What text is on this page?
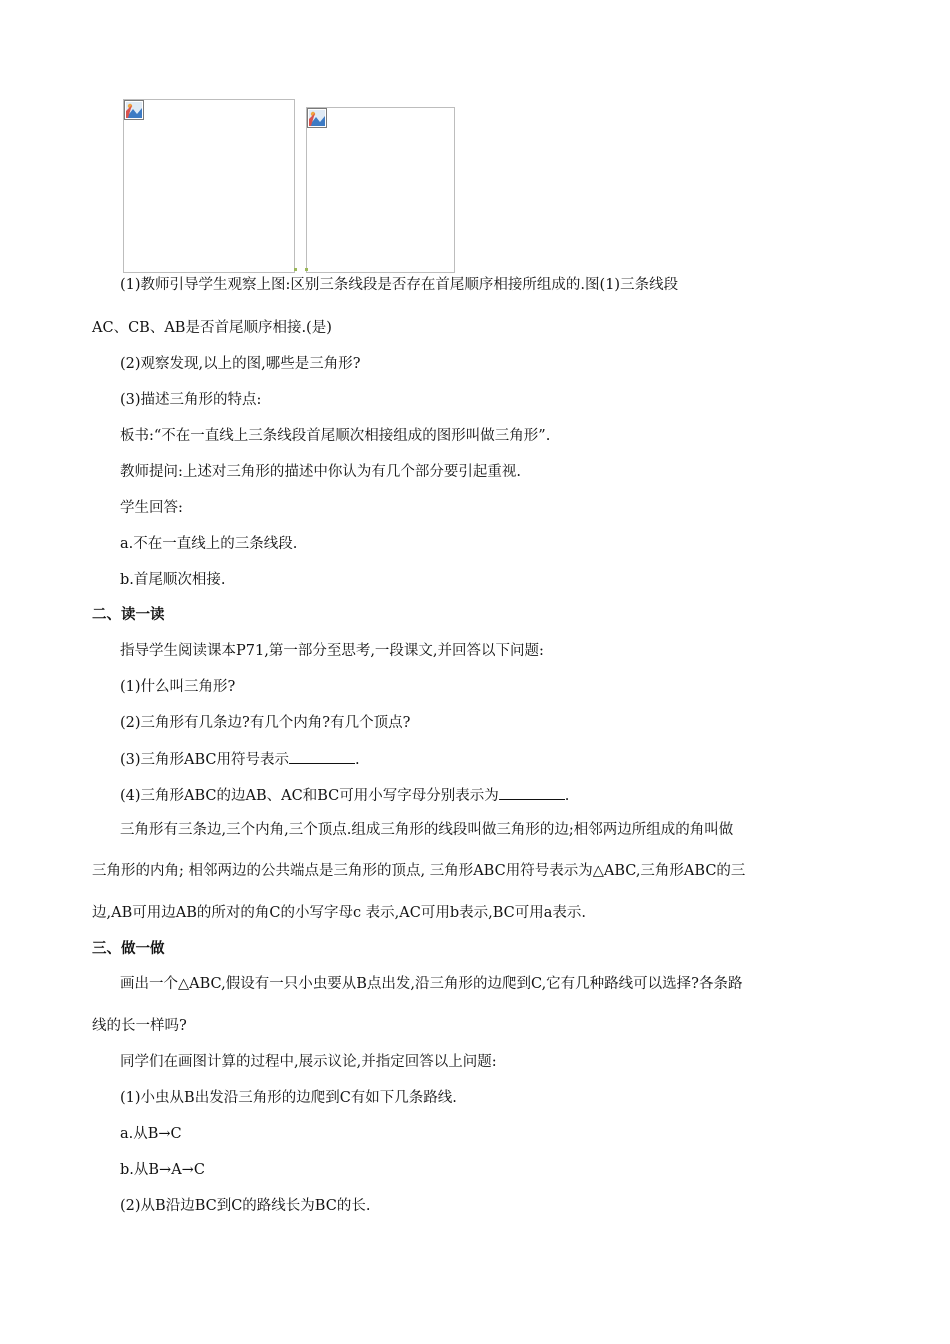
(1)教师引导学生观察上图:区别三条线段是否存在首尾顺序相接所组成的.图(1)三条线段
AC、CB、AB是否首尾顺序相接.(是)
(2)观察发现,以上的图,哪些是三角形?
(3)描述三角形的特点:
板书:“不在一直线上三条线段首尾顺次相接组成的图形叫做三角形”.
教师提问:上述对三角形的描述中你认为有几个部分要引起重视.
学生回答:
a.不在一直线上的三条线段.
b.首尾顺次相接.
二、读一读
指导学生阅读课本P71,第一部分至思考,一段课文,并回答以下问题:
(1)什么叫三角形?
(2)三角形有几条边?有几个内角?有几个顶点?
(3)三角形ABC用符号表示	.
(4)三角形ABC的边AB、AC和BC可用小写字母分别表示为	.
三角形有三条边,三个内角,三个顶点.组成三角形的线段叫做三角形的边;相邻两边所组成的角叫做
三角形的内角; 相邻两边的公共端点是三角形的顶点, 三角形ABC用符号表示为△ABC,三角形ABC的三
边,AB可用边AB的所对的角C的小写字母c 表示,AC可用b表示,BC可用a表示.
三、做一做
画出一个△ABC,假设有一只小虫要从B点出发,沿三角形的边爬到C,它有几种路线可以选择?各条路
线的长一样吗?
同学们在画图计算的过程中,展示议论,并指定回答以上问题:
(1)小虫从B出发沿三角形的边爬到C有如下几条路线.
a.从B→C
b.从B→A→C
(2)从B沿边BC到C的路线长为BC的长.
